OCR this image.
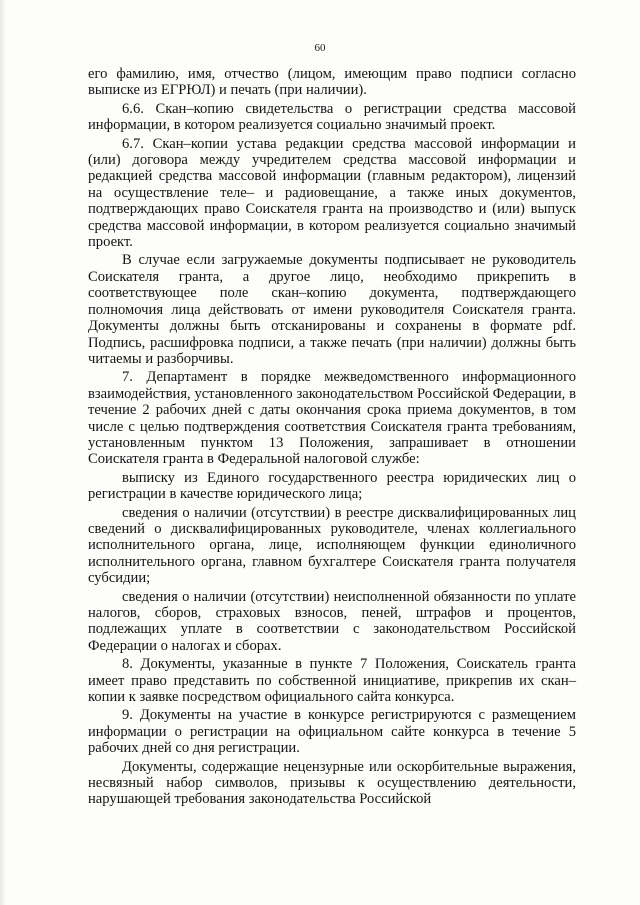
60

его фамилию, имя, отчество (лицом, имеющим право подписи согласно выписке из ЕГРЮЛ) и печать (при наличии).

6.6. Скан–копию свидетельства о регистрации средства массовой информации, в котором реализуется социально значимый проект.

6.7. Скан–копии устава редакции средства массовой информации и (или) договора между учредителем средства массовой информации и редакцией средства массовой информации (главным редактором), лицензий на осуществление теле– и радиовещание, а также иных документов, подтверждающих право Соискателя гранта на производство и (или) выпуск средства массовой информации, в котором реализуется социально значимый проект.

В случае если загружаемые документы подписывает не руководитель Соискателя гранта, а другое лицо, необходимо прикрепить в соответствующее поле скан–копию документа, подтверждающего полномочия лица действовать от имени руководителя Соискателя гранта. Документы должны быть отсканированы и сохранены в формате pdf. Подпись, расшифровка подписи, а также печать (при наличии) должны быть читаемы и разборчивы.

7. Департамент в порядке межведомственного информационного взаимодействия, установленного законодательством Российской Федерации, в течение 2 рабочих дней с даты окончания срока приема документов, в том числе с целью подтверждения соответствия Соискателя гранта требованиям, установленным пунктом 13 Положения, запрашивает в отношении Соискателя гранта в Федеральной налоговой службе:

выписку из Единого государственного реестра юридических лиц о регистрации в качестве юридического лица;

сведения о наличии (отсутствии) в реестре дисквалифицированных лиц сведений о дисквалифицированных руководителе, членах коллегиального исполнительного органа, лице, исполняющем функции единоличного исполнительного органа, главном бухгалтере Соискателя гранта получателя субсидии;

сведения о наличии (отсутствии) неисполненной обязанности по уплате налогов, сборов, страховых взносов, пеней, штрафов и процентов, подлежащих уплате в соответствии с законодательством Российской Федерации о налогах и сборах.

8. Документы, указанные в пункте 7 Положения, Соискатель гранта имеет право представить по собственной инициативе, прикрепив их скан–копии к заявке посредством официального сайта конкурса.

9. Документы на участие в конкурсе регистрируются с размещением информации о регистрации на официальном сайте конкурса в течение 5 рабочих дней со дня регистрации.

Документы, содержащие нецензурные или оскорбительные выражения, несвязный набор символов, призывы к осуществлению деятельности, нарушающей требования законодательства Российской
